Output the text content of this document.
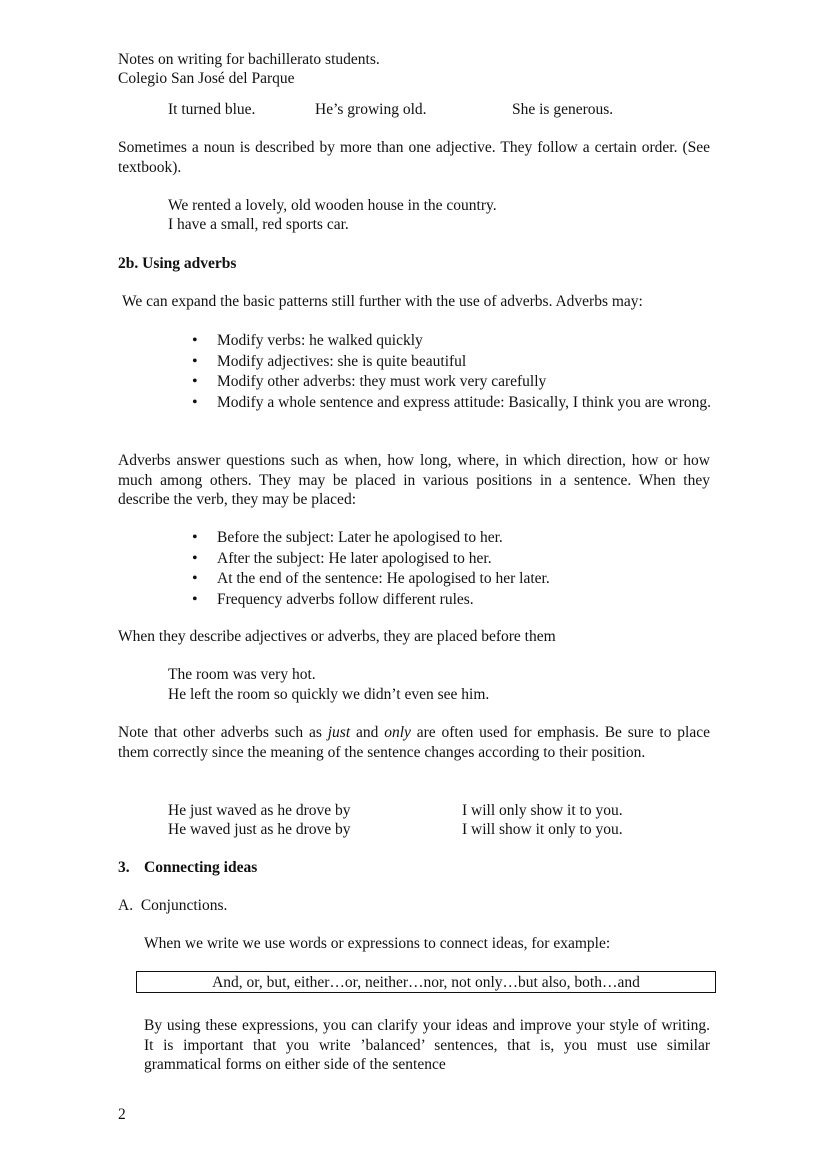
Notes on writing for bachillerato students.
Colegio San José del Parque
It turned blue.	He’s growing old.	She is generous.
Sometimes a noun is described by more than one adjective. They follow a certain order. (See textbook).
We rented a lovely, old wooden house in the country.
I have a small, red sports car.
2b. Using adverbs
We can expand the basic patterns still further with the use of adverbs. Adverbs may:
• Modify verbs: he walked quickly
• Modify adjectives: she is quite beautiful
• Modify other adverbs: they must work very carefully
• Modify a whole sentence and express attitude: Basically, I think you are wrong.
Adverbs answer questions such as when, how long, where, in which direction, how or how much among others. They may be placed in various positions in a sentence. When they describe the verb, they may be placed:
• Before the subject: Later he apologised to her.
• After the subject: He later apologised to her.
• At the end of the sentence: He apologised to her later.
• Frequency adverbs follow different rules.
When they describe adjectives or adverbs, they are placed before them
The room was very hot.
He left the room so quickly we didn’t even see him.
Note that other adverbs such as just and only are often used for emphasis. Be sure to place them correctly since the meaning of the sentence changes according to their position.
He just waved as he drove by
He waved just as he drove by
I will only show it to you.
I will show it only to you.
3. Connecting ideas
A.  Conjunctions.
When we write we use words or expressions to connect ideas, for example:
And, or, but, either…or, neither…nor, not only…but also, both…and
By using these expressions, you can clarify your ideas and improve your style of writing. It is important that you write ’balanced’ sentences, that is, you must use similar grammatical forms on either side of the sentence
2
